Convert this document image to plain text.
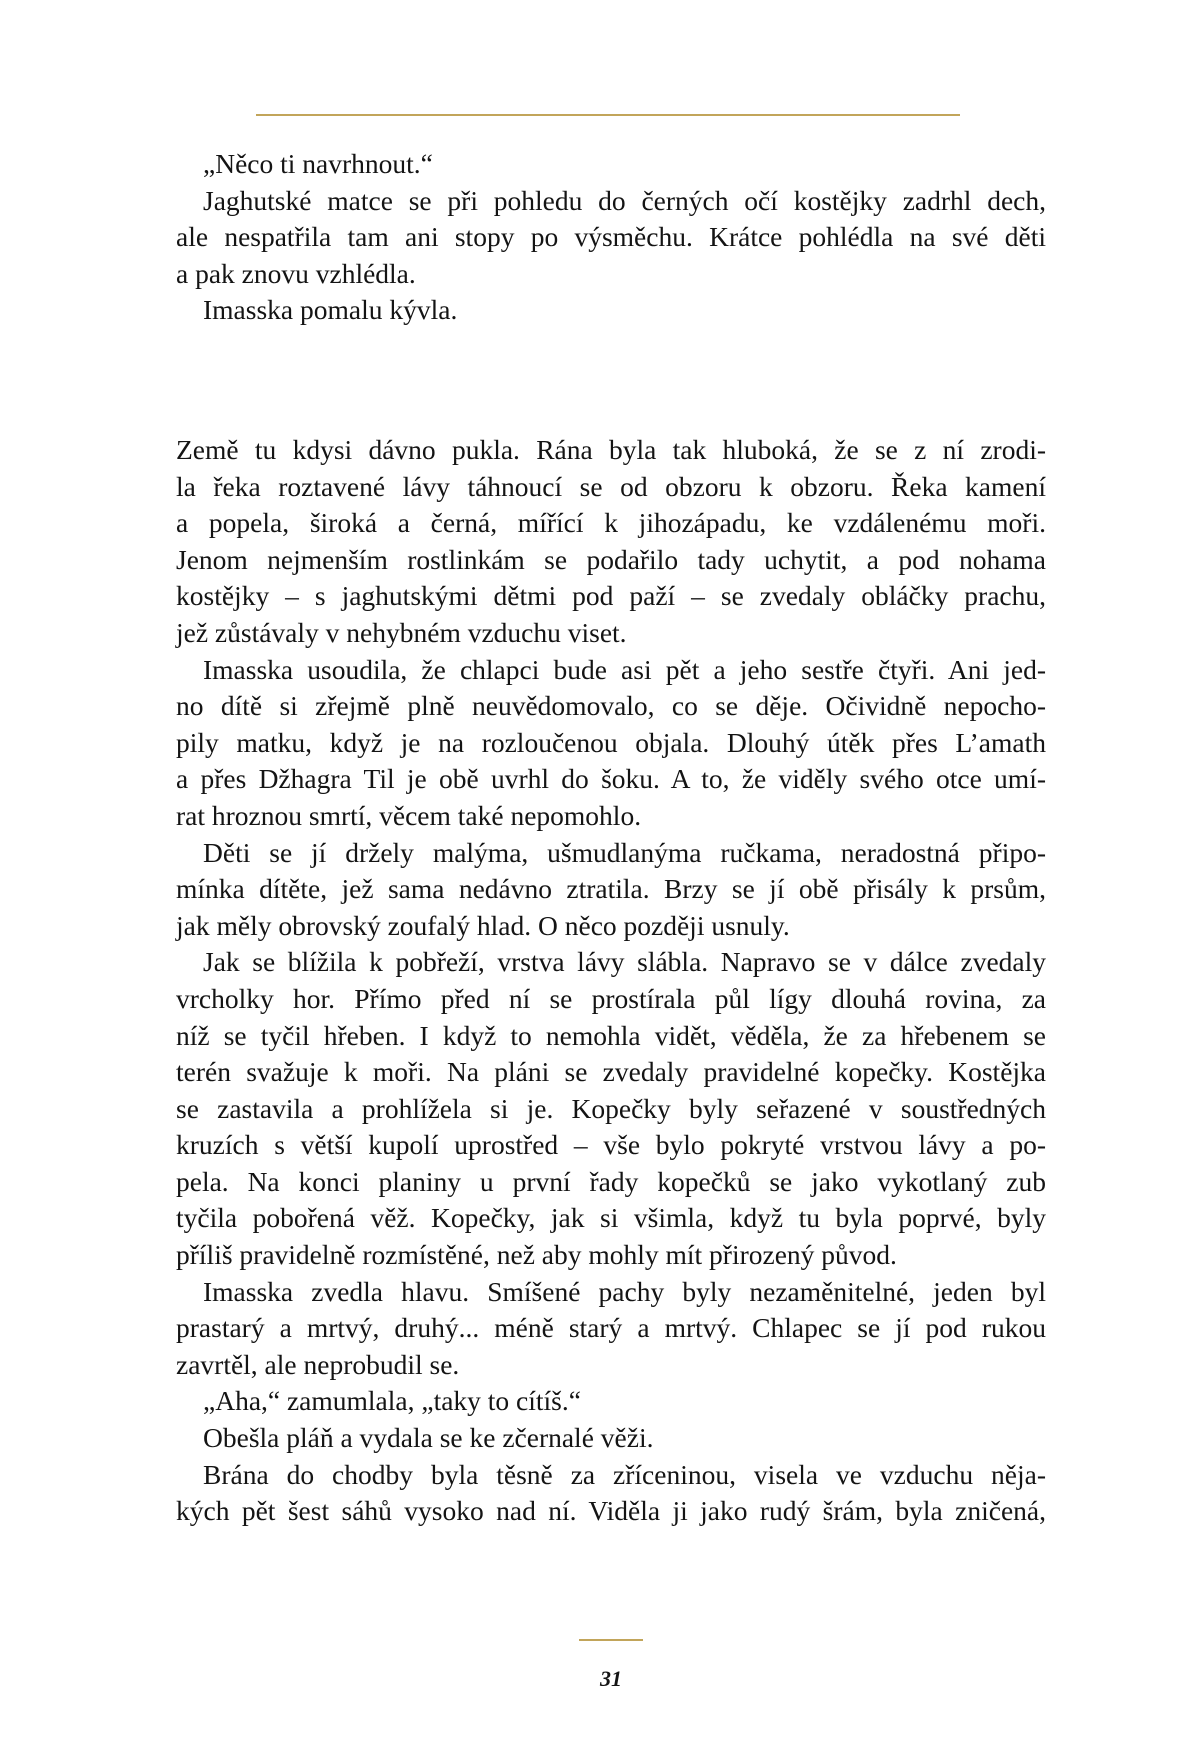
„Něco ti navrhnout.“
Jaghutské matce se při pohledu do černých očí kostějky zadrhl dech,
ale nespatřila tam ani stopy po výsměchu. Krátce pohlédla na své děti
a pak znovu vzhlédla.
Imasska pomalu kývla.
Země tu kdysi dávno pukla. Rána byla tak hluboká, že se z ní zrodi-
la řeka roztavené lávy táhnoucí se od obzoru k obzoru. Řeka kamení
a popela, široká a černá, mířící k jihozápadu, ke vzdálenému moři.
Jenom nejmenším rostlinkám se podařilo tady uchytit, a pod nohama
kostějky – s jaghutskými dětmi pod paží – se zvedaly obláčky prachu,
jež zůstávaly v nehybném vzduchu viset.
Imasska usoudila, že chlapci bude asi pět a jeho sestře čtyři. Ani jed-
no dítě si zřejmě plně neuvědomovalo, co se děje. Očividně nepocho-
pily matku, když je na rozloučenou objala. Dlouhý útěk přes L’amath
a přes Džhagra Til je obě uvrhl do šoku. A to, že viděly svého otce umí-
rat hroznou smrtí, věcem také nepomohlo.
Děti se jí držely malýma, ušmudlanýma ručkama, neradostná připo-
mínka dítěte, jež sama nedávno ztratila. Brzy se jí obě přisály k prsům,
jak měly obrovský zoufalý hlad. O něco později usnuly.
Jak se blížila k pobřeží, vrstva lávy slábla. Napravo se v dálce zvedaly
vrcholky hor. Přímo před ní se prostírala půl lígy dlouhá rovina, za
níž se tyčil hřeben. I když to nemohla vidět, věděla, že za hřebenem se
terén svažuje k moři. Na pláni se zvedaly pravidelné kopečky. Kostějka
se zastavila a prohlížela si je. Kopečky byly seřazené v soustředných
kruzích s větší kupolí uprostřed – vše bylo pokryté vrstvou lávy a po-
pela. Na konci planiny u první řady kopečků se jako vykotlaný zub
tyčila pobořená věž. Kopečky, jak si všimla, když tu byla poprvé, byly
příliš pravidelně rozmístěné, než aby mohly mít přirozený původ.
Imasska zvedla hlavu. Smíšené pachy byly nezaměnitelné, jeden byl
prastarý a mrtvý, druhý... méně starý a mrtvý. Chlapec se jí pod rukou
zavrtěl, ale neprobudil se.
„Aha,“ zamumlala, „taky to cítíš.“
Obešla pláň a vydala se ke zčernalé věži.
Brána do chodby byla těsně za zříceninou, visela ve vzduchu něja-
kých pět šest sáhů vysoko nad ní. Viděla ji jako rudý šrám, byla zničená,
31
